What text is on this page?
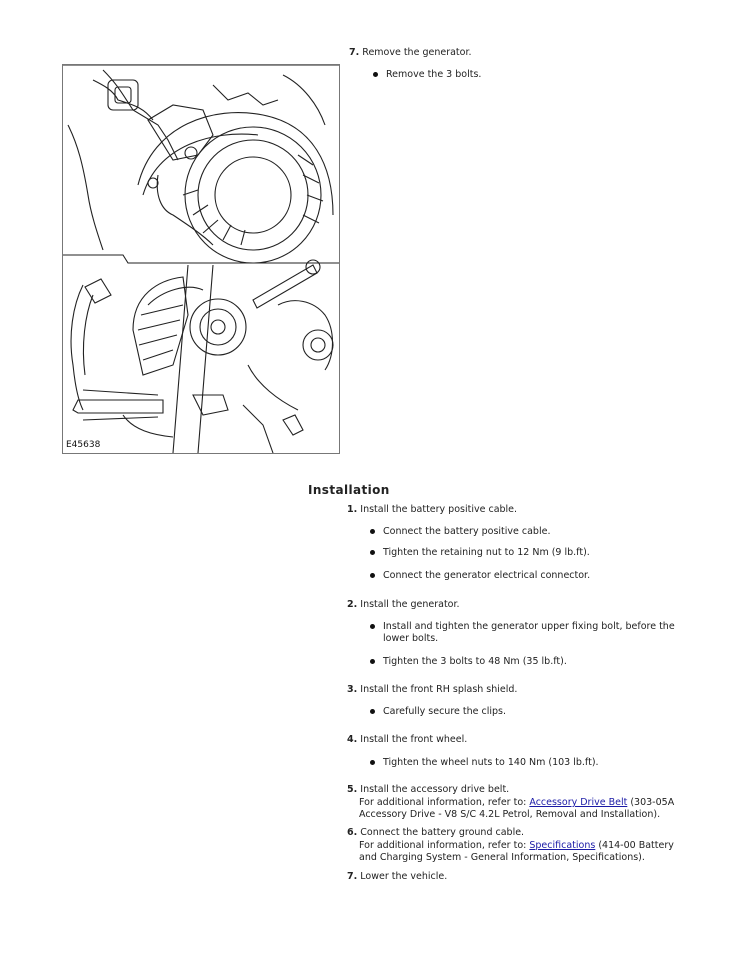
7. Remove the generator.
Remove the 3 bolts.
E45638
Installation
1. Install the battery positive cable.
Connect the battery positive cable.
Tighten the retaining nut to 12 Nm (9 lb.ft).
Connect the generator electrical connector.
2. Install the generator.
Install and tighten the generator upper fixing bolt, before the
lower bolts.
Tighten the 3 bolts to 48 Nm (35 lb.ft).
3. Install the front RH splash shield.
Carefully secure the clips.
4. Install the front wheel.
Tighten the wheel nuts to 140 Nm (103 lb.ft).
5. Install the accessory drive belt.
For additional information, refer to: Accessory Drive Belt (303-05A
Accessory Drive - V8 S/C 4.2L Petrol, Removal and Installation).
6. Connect the battery ground cable.
For additional information, refer to: Specifications (414-00 Battery
and Charging System - General Information, Specifications).
7. Lower the vehicle.
